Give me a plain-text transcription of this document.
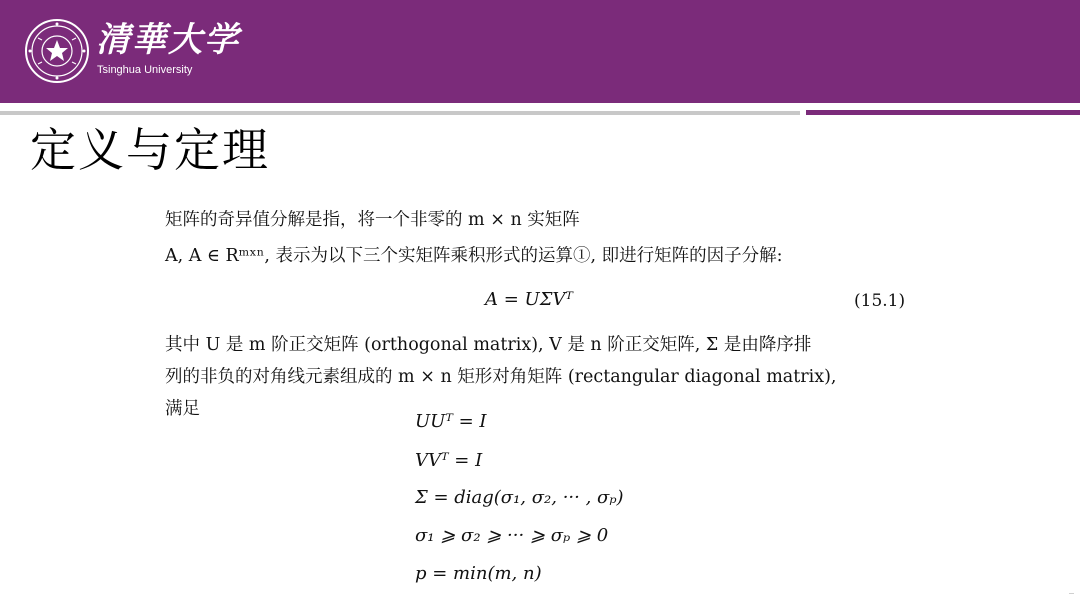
清華大学
Tsinghua University
定义与定理
矩阵的奇异值分解是指，将一个非零的 m × n 实矩阵
A, A ∈ Rᵐˣⁿ, 表示为以下三个实矩阵乘积形式的运算①, 即进行矩阵的因子分解:
A = UΣVᵀ	(15.1)
其中 U 是 m 阶正交矩阵 (orthogonal matrix), V 是 n 阶正交矩阵, Σ 是由降序排
列的非负的对角线元素组成的 m × n 矩形对角矩阵 (rectangular diagonal matrix),
满足
UUᵀ = I
VVᵀ = I
Σ = diag(σ₁, σ₂, ··· , σₚ)
σ₁ ⩾ σ₂ ⩾ ··· ⩾ σₚ ⩾ 0
p = min(m, n)
